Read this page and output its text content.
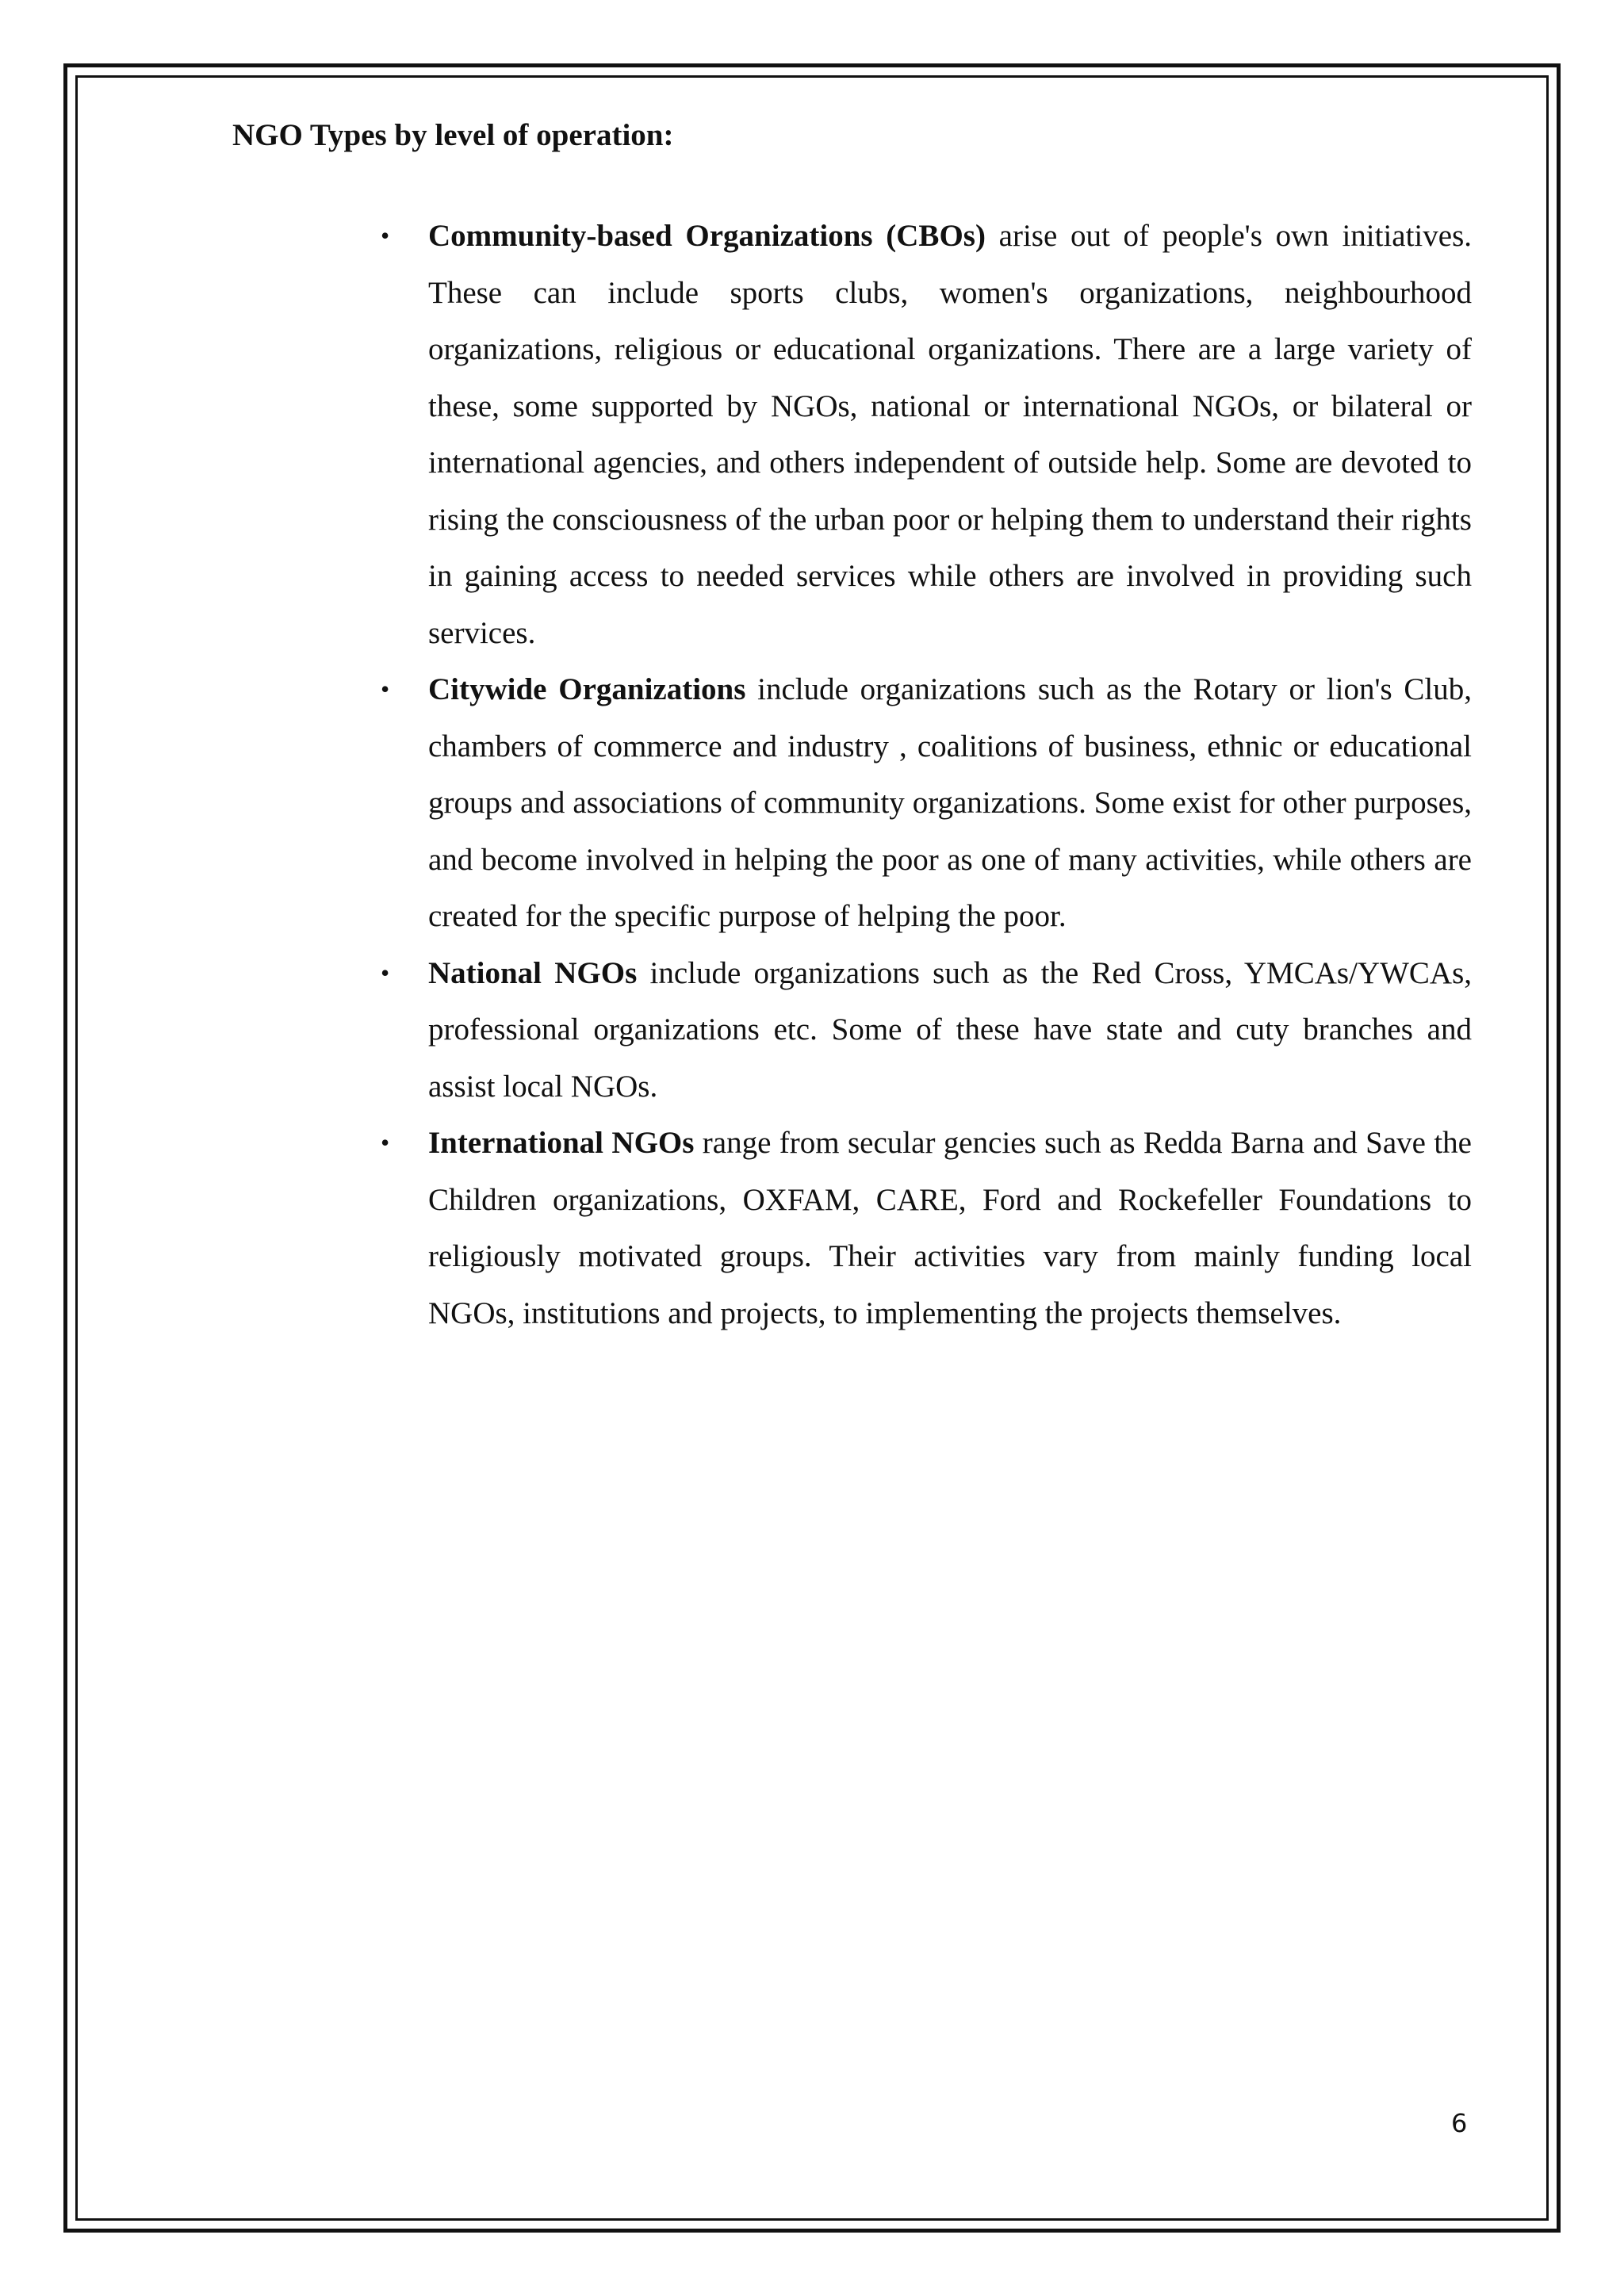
NGO Types by level of operation:
• Community-based Organizations (CBOs) arise out of people's own initiatives. These can include sports clubs, women's organizations, neighbourhood organizations, religious or educational organizations. There are a large variety of these, some supported by NGOs, national or international NGOs, or bilateral or international agencies, and others independent of outside help. Some are devoted to rising the consciousness of the urban poor or helping them to understand their rights in gaining access to needed services while others are involved in providing such services.
• Citywide Organizations include organizations such as the Rotary or lion's Club, chambers of commerce and industry , coalitions of business, ethnic or educational groups and associations of community organizations. Some exist for other purposes, and become involved in helping the poor as one of many activities, while others are created for the specific purpose of helping the poor.
• National NGOs include organizations such as the Red Cross, YMCAs/YWCAs, professional organizations etc. Some of these have state and cuty branches and assist local NGOs.
• International NGOs range from secular gencies such as Redda Barna and Save the Children organizations, OXFAM, CARE, Ford and Rockefeller Foundations to religiously motivated groups. Their activities vary from mainly funding local NGOs, institutions and projects, to implementing the projects themselves.
6
